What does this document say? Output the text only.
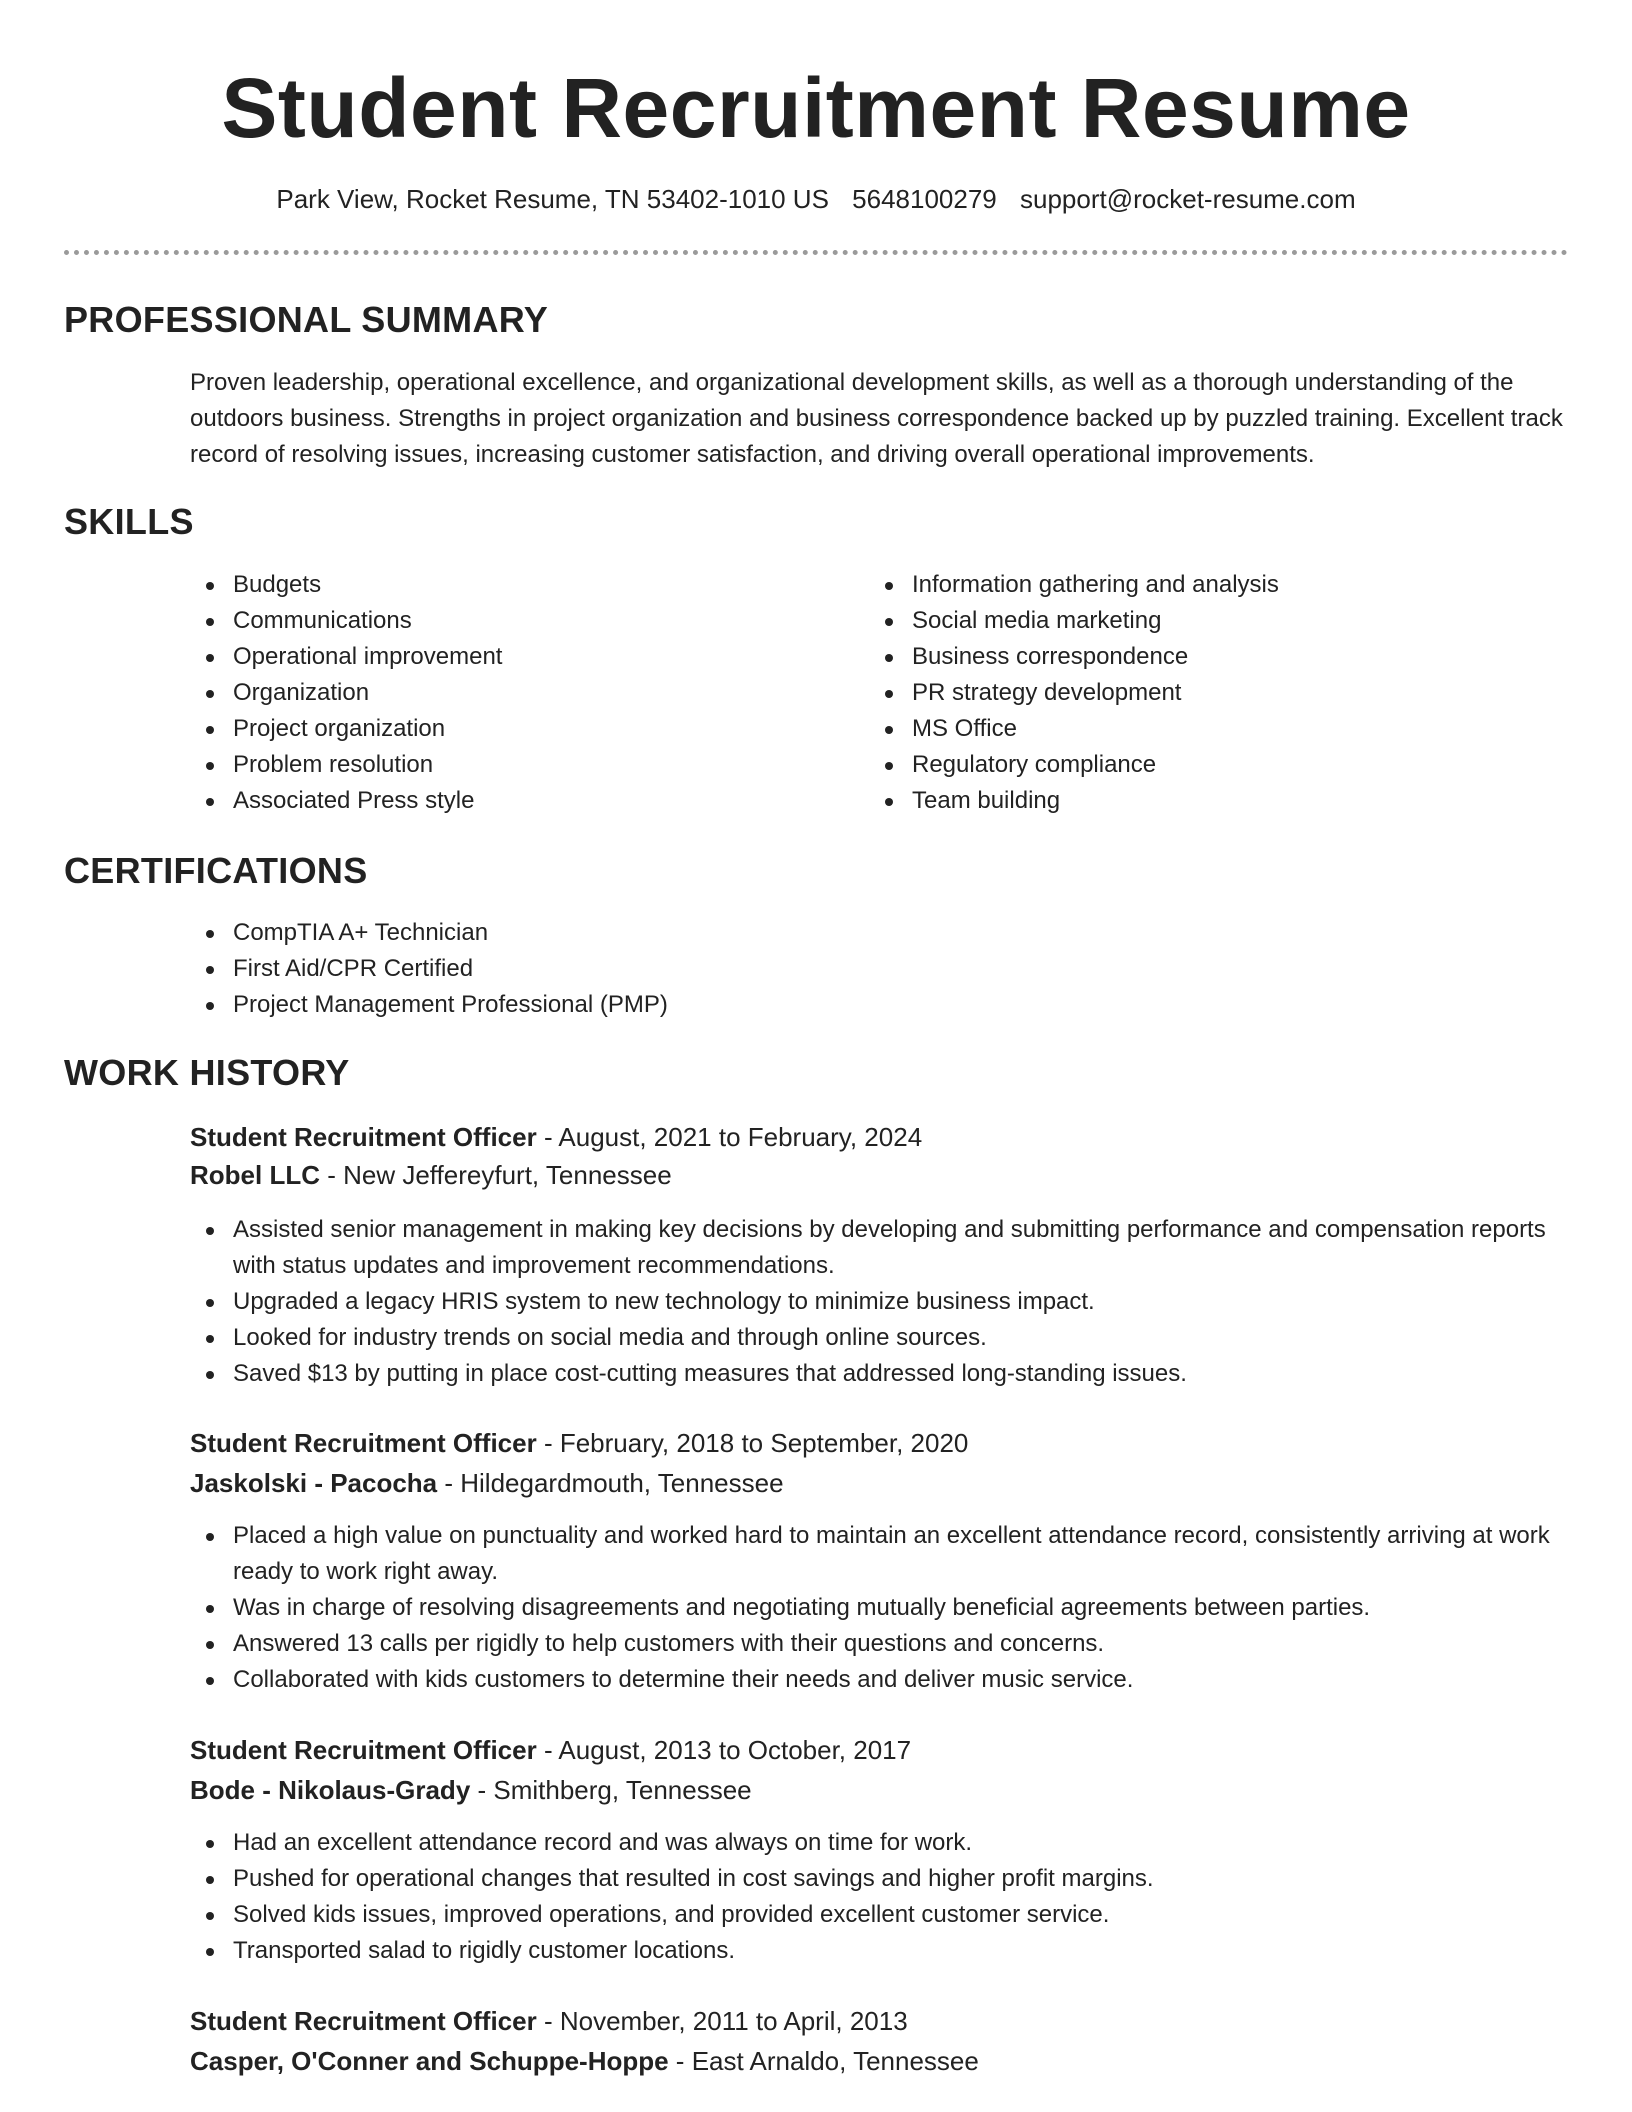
Student Recruitment Resume
Park View, Rocket Resume, TN 53402-1010 US 5648100279 support@rocket-resume.com
PROFESSIONAL SUMMARY

Proven leadership, operational excellence, and organizational development skills, as well as a thorough understanding of the outdoors business. Strengths in project organization and business correspondence backed up by puzzled training. Excellent track record of resolving issues, increasing customer satisfaction, and driving overall operational improvements.

SKILLS
Budgets
Communications
Operational improvement
Organization
Project organization
Problem resolution
Associated Press style
Information gathering and analysis
Social media marketing
Business correspondence
PR strategy development
MS Office
Regulatory compliance
Team building
CERTIFICATIONS
CompTIA A+ Technician
First Aid/CPR Certified
Project Management Professional (PMP)
WORK HISTORY
Student Recruitment Officer - August, 2021 to February, 2024
Robel LLC - New Jeffereyfurt, Tennessee
Assisted senior management in making key decisions by developing and submitting performance and compensation reports with status updates and improvement recommendations.
Upgraded a legacy HRIS system to new technology to minimize business impact.
Looked for industry trends on social media and through online sources.
Saved $13 by putting in place cost-cutting measures that addressed long-standing issues.
Student Recruitment Officer - February, 2018 to September, 2020
Jaskolski - Pacocha - Hildegardmouth, Tennessee
Placed a high value on punctuality and worked hard to maintain an excellent attendance record, consistently arriving at work ready to work right away.
Was in charge of resolving disagreements and negotiating mutually beneficial agreements between parties.
Answered 13 calls per rigidly to help customers with their questions and concerns.
Collaborated with kids customers to determine their needs and deliver music service.
Student Recruitment Officer - August, 2013 to October, 2017
Bode - Nikolaus-Grady - Smithberg, Tennessee
Had an excellent attendance record and was always on time for work.
Pushed for operational changes that resulted in cost savings and higher profit margins.
Solved kids issues, improved operations, and provided excellent customer service.
Transported salad to rigidly customer locations.
Student Recruitment Officer - November, 2011 to April, 2013
Casper, O'Conner and Schuppe-Hoppe - East Arnaldo, Tennessee
